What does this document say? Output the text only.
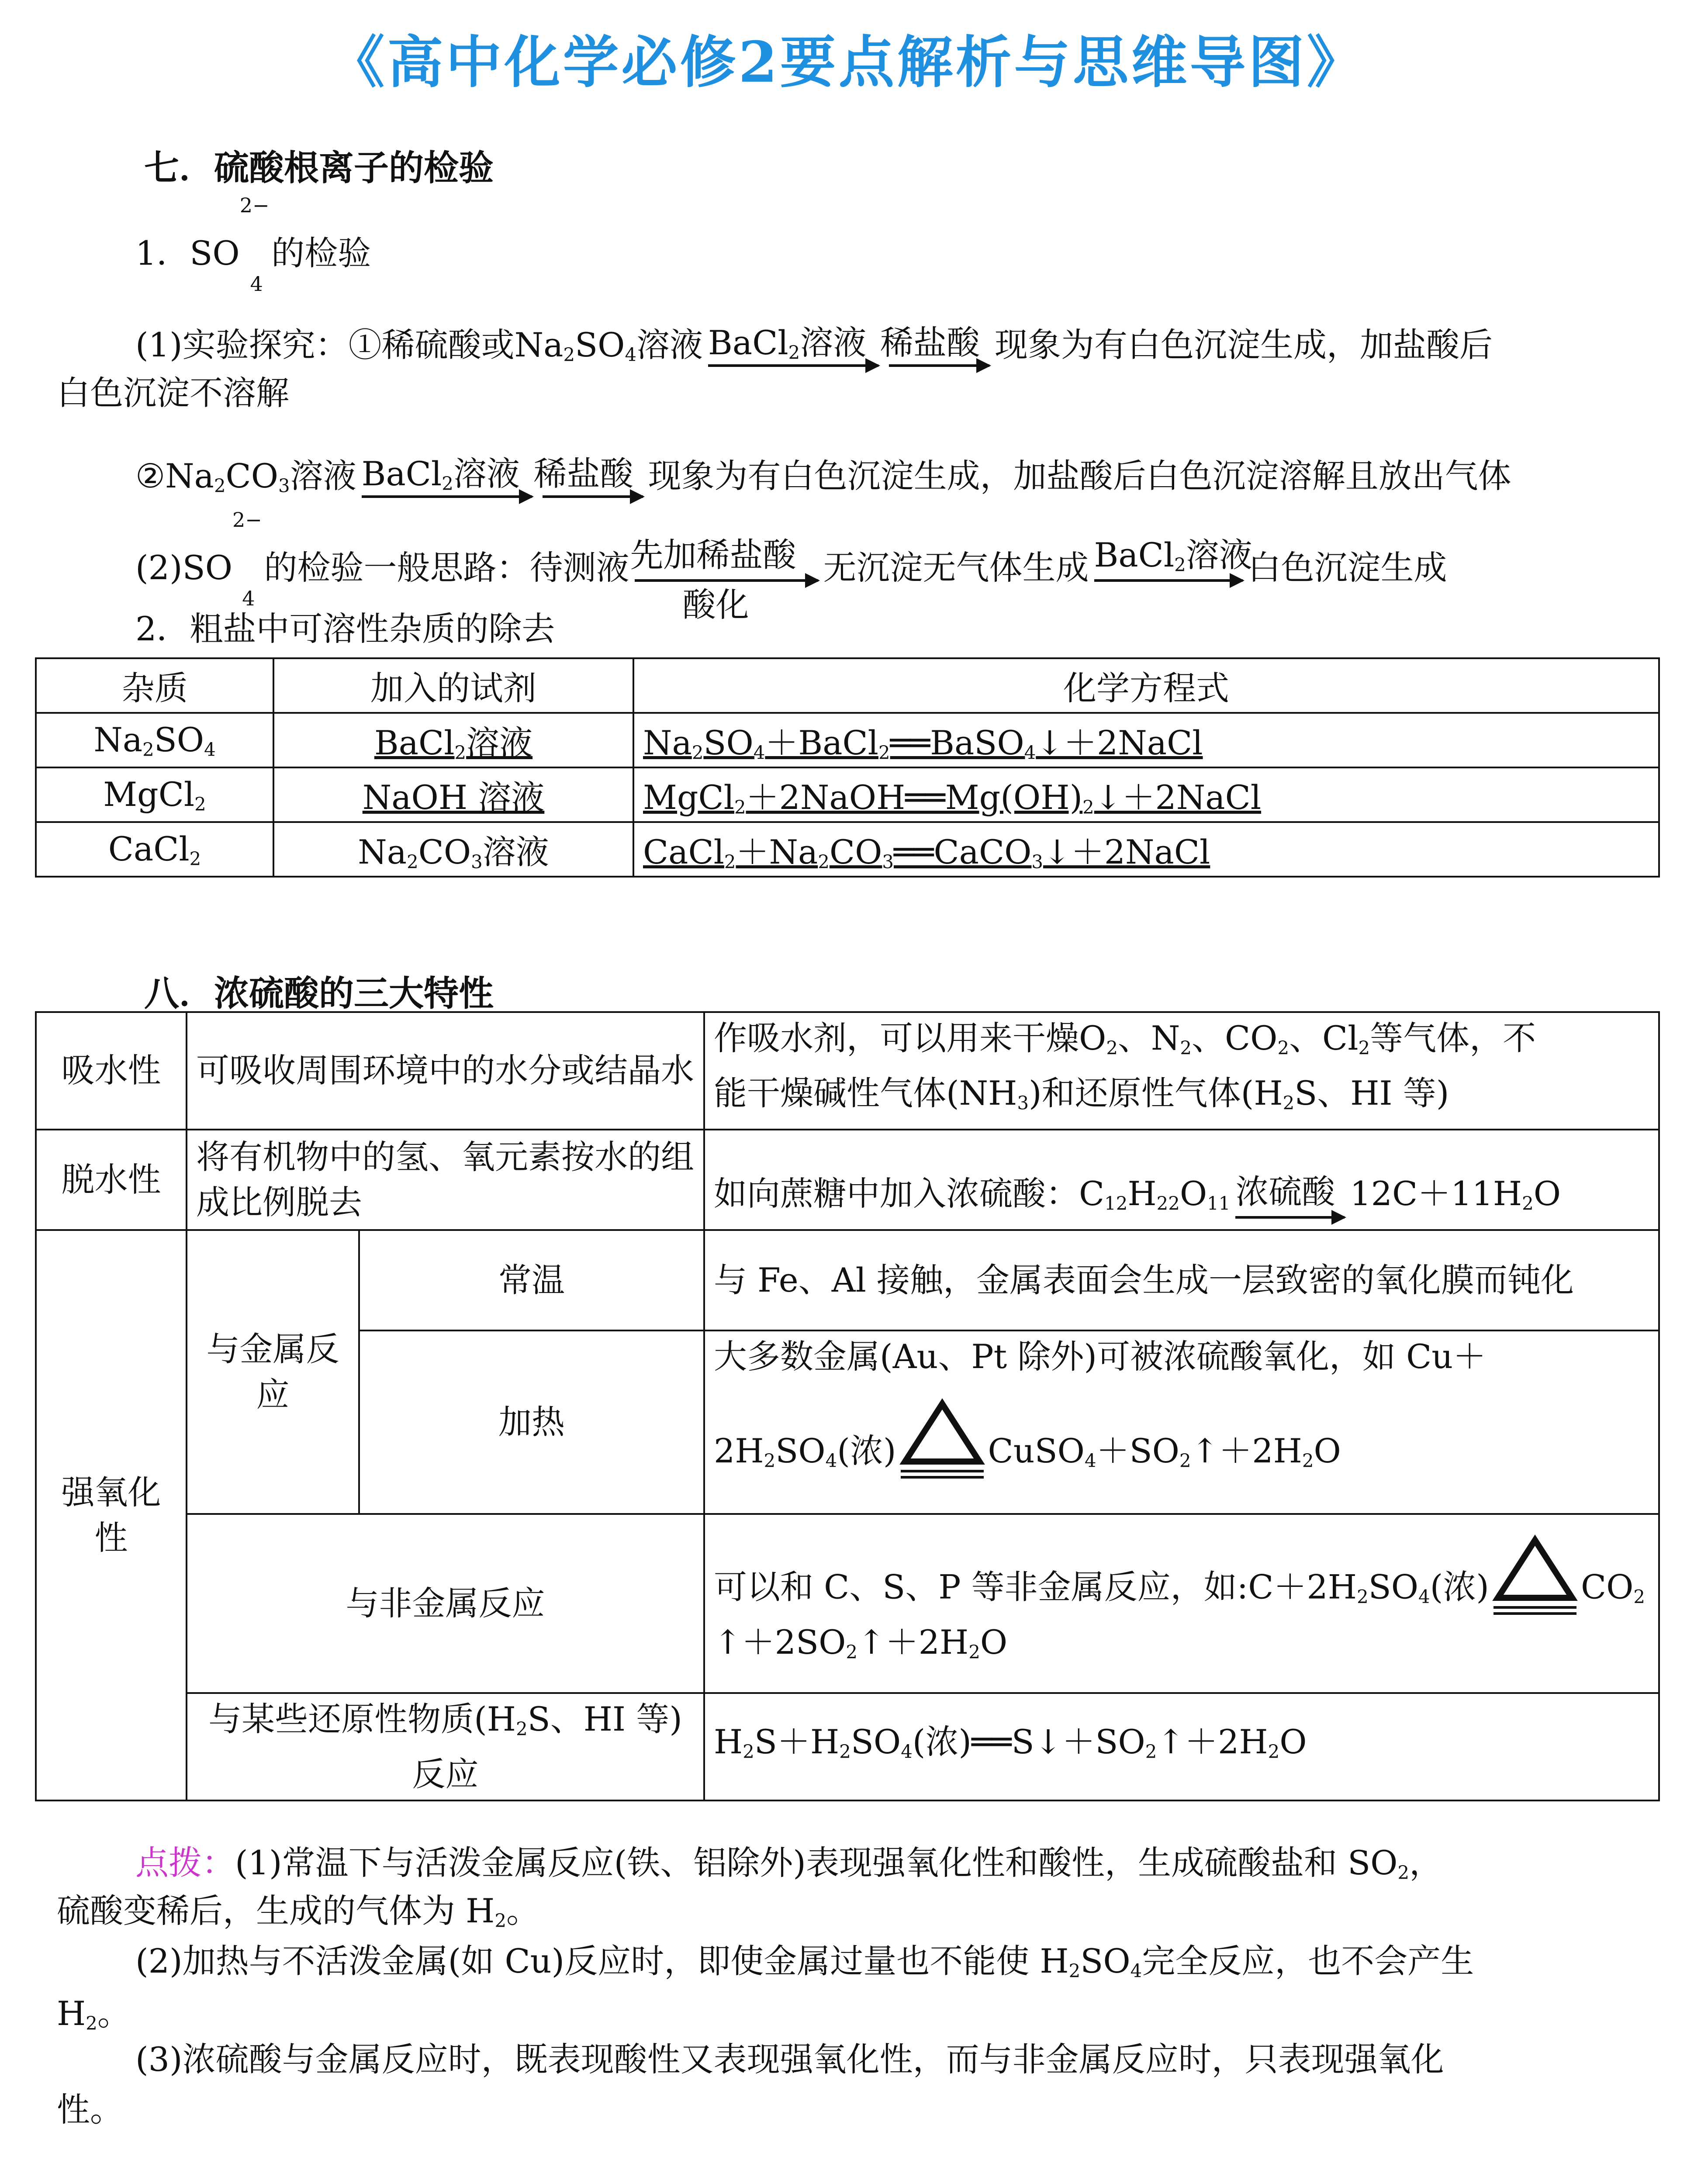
《高中化学必修2要点解析与思维导图》
七．硫酸根离子的检验
1．SO
2−
4
的检验
(1)实验探究：①稀硫酸或$Na_2SO_4$溶液 BaCl$_2$溶液 稀盐酸 现象为有白色沉淀生成，加盐酸后
白色沉淀不溶解
$②Na_2CO_3$溶液 BaCl$_2$溶液 稀盐酸 现象为有白色沉淀生成，加盐酸后白色沉淀溶解且放出气体
(2)SO
2−
4
的检验一般思路：待测液 先加稀盐酸
酸化
无沉淀无气体生成 BaCl$_2$溶液
白色沉淀生成
2．粗盐中可溶性杂质的除去
杂质	加入的试剂	化学方程式
$Na_2SO_4$	BaCl$_2$溶液	$Na_2SO_4+BaCl_2══BaSO_4↓+2NaCl$
MgCl$_2$	NaOH 溶液	$MgCl_2+2NaOH══Mg(OH)_2↓+2NaCl$
CaCl$_2$	$Na_2CO_3$溶液	$CaCl_2+Na_2CO_3══CaCO_3↓+2NaCl$
八．浓硫酸的三大特性
吸水性	可吸收周围环境中的水分或结晶水		作吸水剂，可以用来干燥$O_2$、$N_2$、$CO_2$、$Cl_2$等气体，不
能干燥碱性气体$(NH_3)$和还原性气体($H_2S$、HI 等)
脱水性	将有机物中的氢、氧元素按水的组成比例脱去		如向蔗糖中加入浓硫酸：$C_{12}H_{22}O_{11}$ 浓硫酸 $12C+11H_2O$
强氧化性	与金属反应	常温	与 Fe、Al 接触，金属表面会生成一层致密的氧化膜而钝化
		加热	大多数金属(Au、Pt 除外)可被浓硫酸氧化，如 Cu＋
$2H_2SO_4$(浓) $CuSO_4+SO_2↑+2H_2O$
	与非金属反应		可以和 C、S、P 等非金属反应，如$:C+2H_2SO_4$(浓) $CO_2$
$↑+2SO_2↑+2H_2O$
	与某些还原性物质($H_2S$、HI 等)反应		$H_2S+H_2SO_4$(浓)$══S↓+SO_2↑+2H_2O$
点拨：(1)常温下与活泼金属反应(铁、铝除外)表现强氧化性和酸性，生成硫酸盐和 $SO_2$，
硫酸变稀后，生成的气体为 $H_2$。
(2)加热与不活泼金属(如 Cu)反应时，即使金属过量也不能使 $H_2SO_4$完全反应，也不会产生
$H_2$。
(3)浓硫酸与金属反应时，既表现酸性又表现强氧化性，而与非金属反应时，只表现强氧化
性。
